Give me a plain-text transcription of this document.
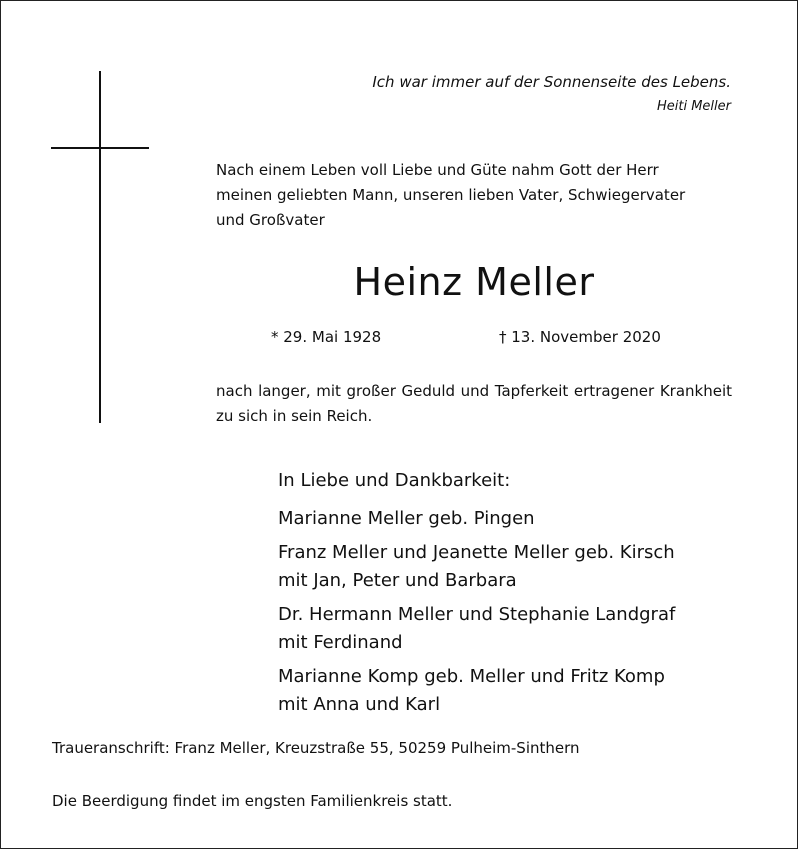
Ich war immer auf der Sonnenseite des Lebens.
Heiti Meller
Nach einem Leben voll Liebe und Güte nahm Gott der Herr
meinen geliebten Mann, unseren lieben Vater, Schwiegervater
und Großvater
Heinz Meller
* 29. Mai 1928	† 13. November 2020
nach langer, mit großer Geduld und Tapferkeit ertragener Krankheit zu sich in sein Reich.
In Liebe und Dankbarkeit:
Marianne Meller geb. Pingen
Franz Meller und Jeanette Meller geb. Kirsch
mit Jan, Peter und Barbara
Dr. Hermann Meller und Stephanie Landgraf
mit Ferdinand
Marianne Komp geb. Meller und Fritz Komp
mit Anna und Karl
Traueranschrift: Franz Meller, Kreuzstraße 55, 50259 Pulheim-Sinthern
Die Beerdigung findet im engsten Familienkreis statt.
